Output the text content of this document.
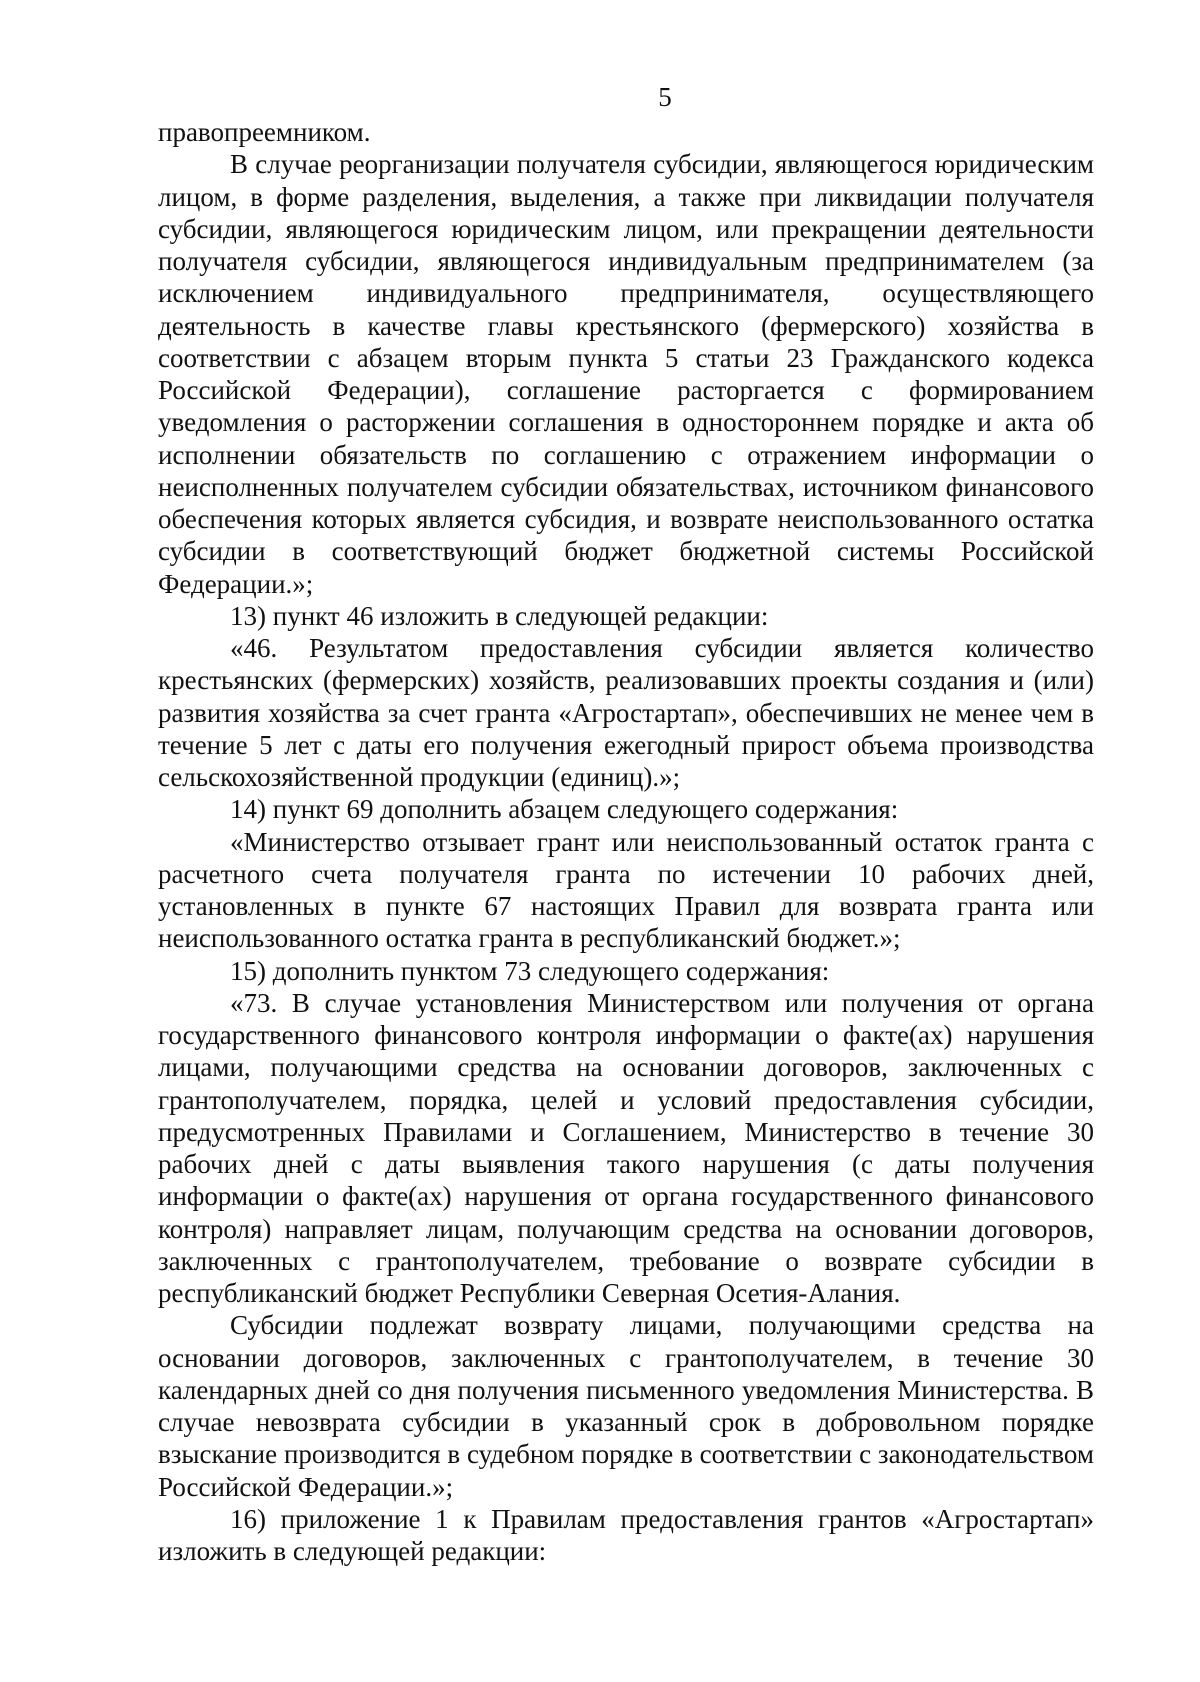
5

правопреемником.

В случае реорганизации получателя субсидии, являющегося юридическим лицом, в форме разделения, выделения, а также при ликвидации получателя субсидии, являющегося юридическим лицом, или прекращении деятельности получателя субсидии, являющегося индивидуальным предпринимателем (за исключением индивидуального предпринимателя, осуществляющего деятельность в качестве главы крестьянского (фермерского) хозяйства в соответствии с абзацем вторым пункта 5 статьи 23 Гражданского кодекса Российской Федерации), соглашение расторгается с формированием уведомления о расторжении соглашения в одностороннем порядке и акта об исполнении обязательств по соглашению с отражением информации о неисполненных получателем субсидии обязательствах, источником финансового обеспечения которых является субсидия, и возврате неиспользованного остатка субсидии в соответствующий бюджет бюджетной системы Российской Федерации.»;

13) пункт 46 изложить в следующей редакции:

«46. Результатом предоставления субсидии является количество крестьянских (фермерских) хозяйств, реализовавших проекты создания и (или) развития хозяйства за счет гранта «Агростартап», обеспечивших не менее чем в течение 5 лет с даты его получения ежегодный прирост объема производства сельскохозяйственной продукции (единиц).»;

14) пункт 69 дополнить абзацем следующего содержания:

«Министерство отзывает грант или неиспользованный остаток гранта с расчетного счета получателя гранта по истечении 10 рабочих дней, установленных в пункте 67 настоящих Правил для возврата гранта или неиспользованного остатка гранта в республиканский бюджет.»;

15) дополнить пунктом 73 следующего содержания:

«73. В случае установления Министерством или получения от органа государственного финансового контроля информации о факте(ах) нарушения лицами, получающими средства на основании договоров, заключенных с грантополучателем, порядка, целей и условий предоставления субсидии, предусмотренных Правилами и Соглашением, Министерство в течение 30 рабочих дней с даты выявления такого нарушения (с даты получения информации о факте(ах) нарушения от органа государственного финансового контроля) направляет лицам, получающим средства на основании договоров, заключенных с грантополучателем, требование о возврате субсидии в республиканский бюджет Республики Северная Осетия-Алания.

Субсидии подлежат возврату лицами, получающими средства на основании договоров, заключенных с грантополучателем, в течение 30 календарных дней со дня получения письменного уведомления Министерства. В случае невозврата субсидии в указанный срок в добровольном порядке взыскание производится в судебном порядке в соответствии с законодательством Российской Федерации.»;

16) приложение 1 к Правилам предоставления грантов «Агростартап» изложить в следующей редакции:
